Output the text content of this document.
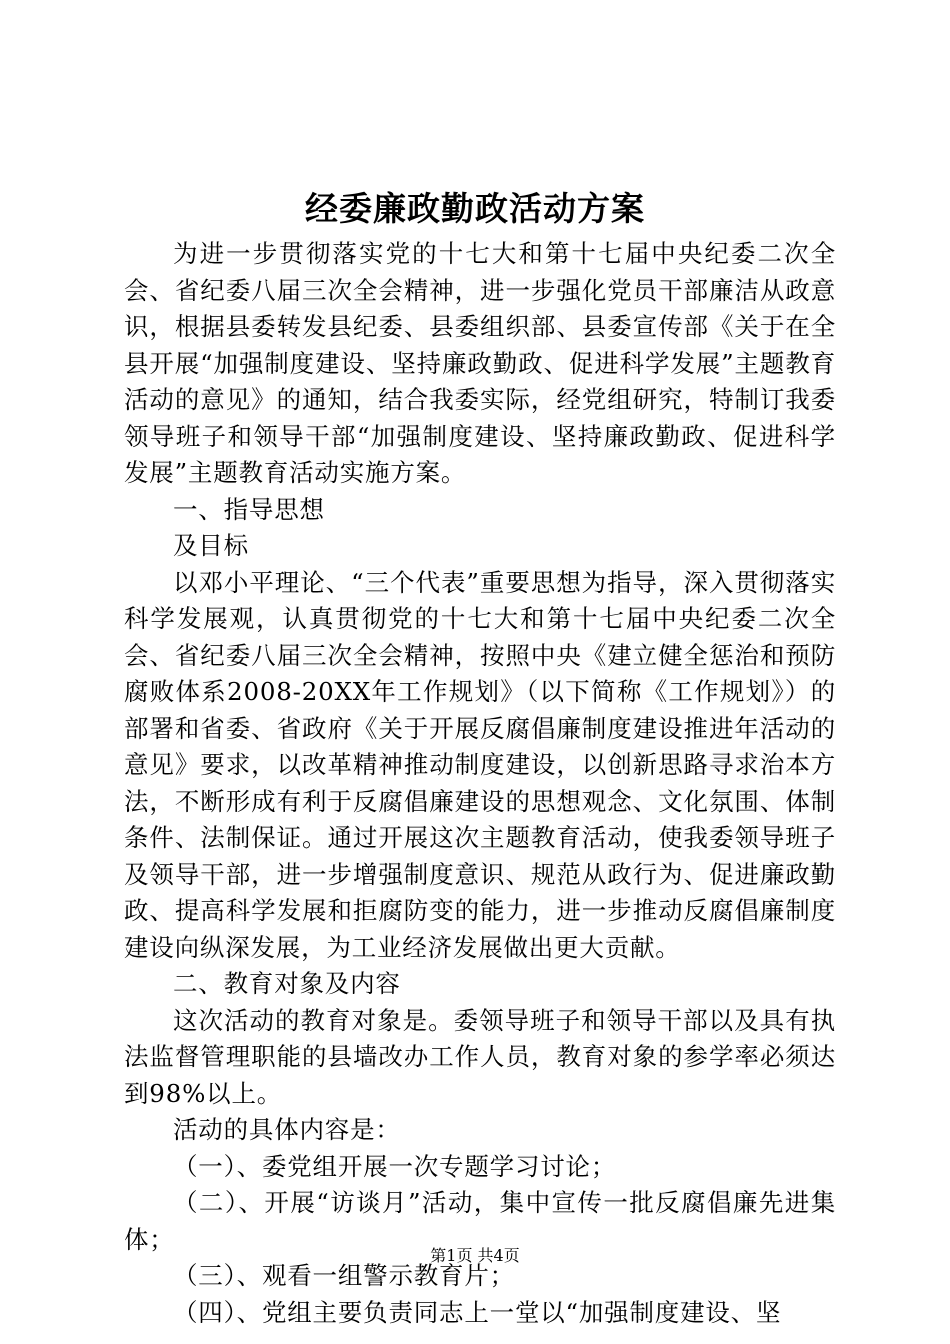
经委廉政勤政活动方案

为进一步贯彻落实党的十七大和第十七届中央纪委二次全会、省纪委八届三次全会精神，进一步强化党员干部廉洁从政意识，根据县委转发县纪委、县委组织部、县委宣传部《关于在全县开展“加强制度建设、坚持廉政勤政、促进科学发展”主题教育活动的意见》的通知，结合我委实际，经党组研究，特制订我委领导班子和领导干部“加强制度建设、坚持廉政勤政、促进科学发展”主题教育活动实施方案。

一、指导思想

及目标

以邓小平理论、“三个代表”重要思想为指导，深入贯彻落实科学发展观，认真贯彻党的十七大和第十七届中央纪委二次全会、省纪委八届三次全会精神，按照中央《建立健全惩治和预防腐败体系2008-20XX年工作规划》（以下简称《工作规划》）的部署和省委、省政府《关于开展反腐倡廉制度建设推进年活动的意见》要求，以改革精神推动制度建设，以创新思路寻求治本方法，不断形成有利于反腐倡廉建设的思想观念、文化氛围、体制条件、法制保证。通过开展这次主题教育活动，使我委领导班子及领导干部，进一步增强制度意识、规范从政行为、促进廉政勤政、提高科学发展和拒腐防变的能力，进一步推动反腐倡廉制度建设向纵深发展，为工业经济发展做出更大贡献。

二、教育对象及内容

这次活动的教育对象是。委领导班子和领导干部以及具有执法监督管理职能的县墙改办工作人员，教育对象的参学率必须达到98%以上。

活动的具体内容是：

（一）、委党组开展一次专题学习讨论；

（二）、开展“访谈月”活动，集中宣传一批反腐倡廉先进集体；

（三）、观看一组警示教育片；

（四）、党组主要负责同志上一堂以“加强制度建设、坚

第1页 共4页
